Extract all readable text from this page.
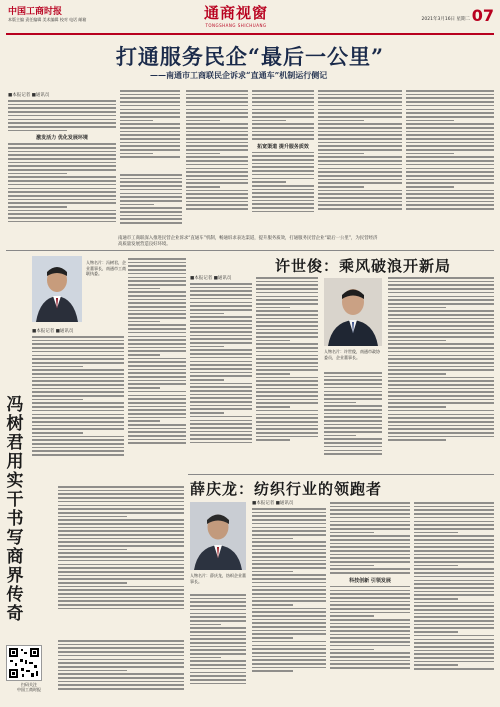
中国工商时报
本版主编 责任编辑 美术编辑 校对 电话 邮箱	通商视窗
TONGSHANG SHICHUANG
2021年3月16日 星期二 07
打通服务民企“最后一公里”
——南通市工商联民企诉求“直通车”机制运行侧记
■本报记者 ■通讯员
激发活力 优化发展环境
拓宽渠道 提升服务质效
南通市工商联深入推进民营企业诉求“直通车”机制，畅通诉求表达渠道，提升服务质效，打通服务民营企业“最后一公里”，为民营经济高质量发展营造良好环境。
冯树君 用实干书写商界传奇
人物名片：冯树君，企业董事长，南通市工商联执委。
■本报记者 ■通讯员
许世俊：乘风破浪开新局
■本报记者 ■通讯员
人物名片：许世俊，南通市政协委员，企业董事长。
薛庆龙：纺织行业的领跑者
人物名片：薛庆龙，纺织企业董事长。
■本报记者 ■通讯员
科技创新 引领发展
扫码关注
中国工商时报
